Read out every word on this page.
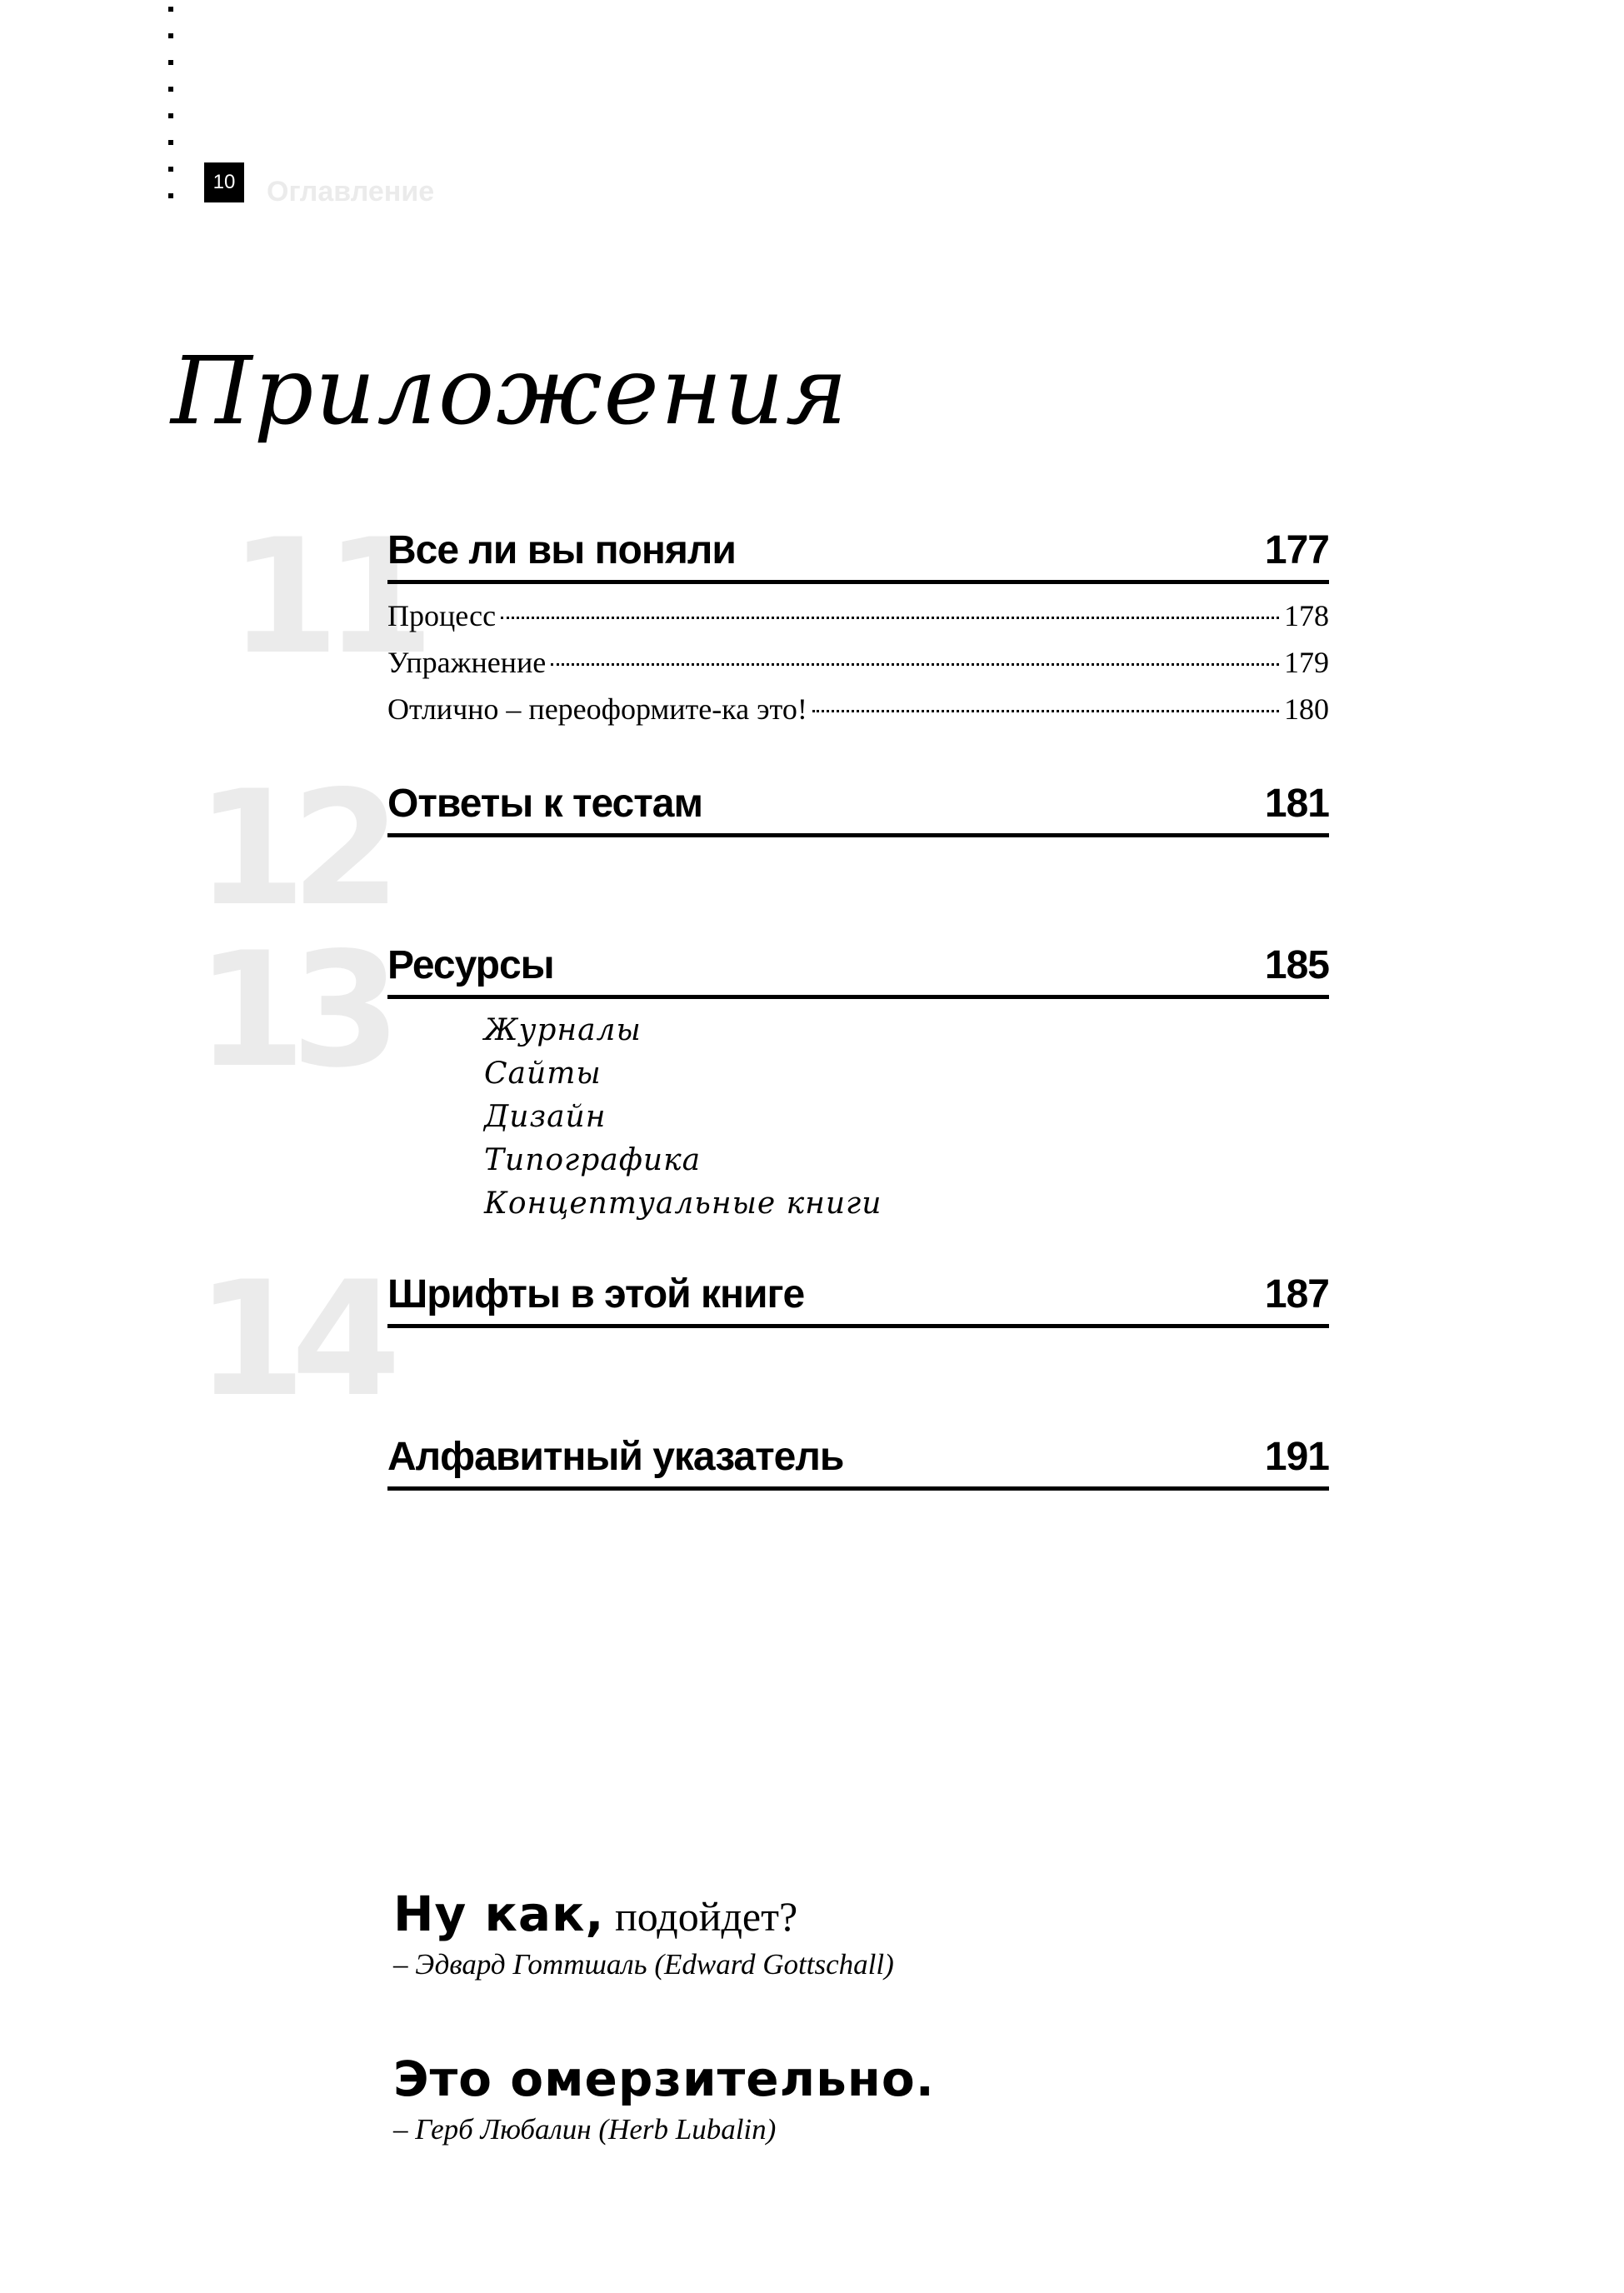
10	Оглавление
Приложения
11
Все ли вы поняли	177
Процесс	178
Упражнение	179
Отлично – переоформите-ка это!	180
12 Ответы к тестам	181
13 Ресурсы	185
Журналы
Сайты
Дизайн
Типографика
Концептуальные книги
14 Шрифты в этой книге	187
Алфавитный указатель	191
Ну как, подойдет?
– Эдвард Готтшаль (Edward Gottschall)
Это омерзительно.
– Герб Любалин (Herb Lubalin)
